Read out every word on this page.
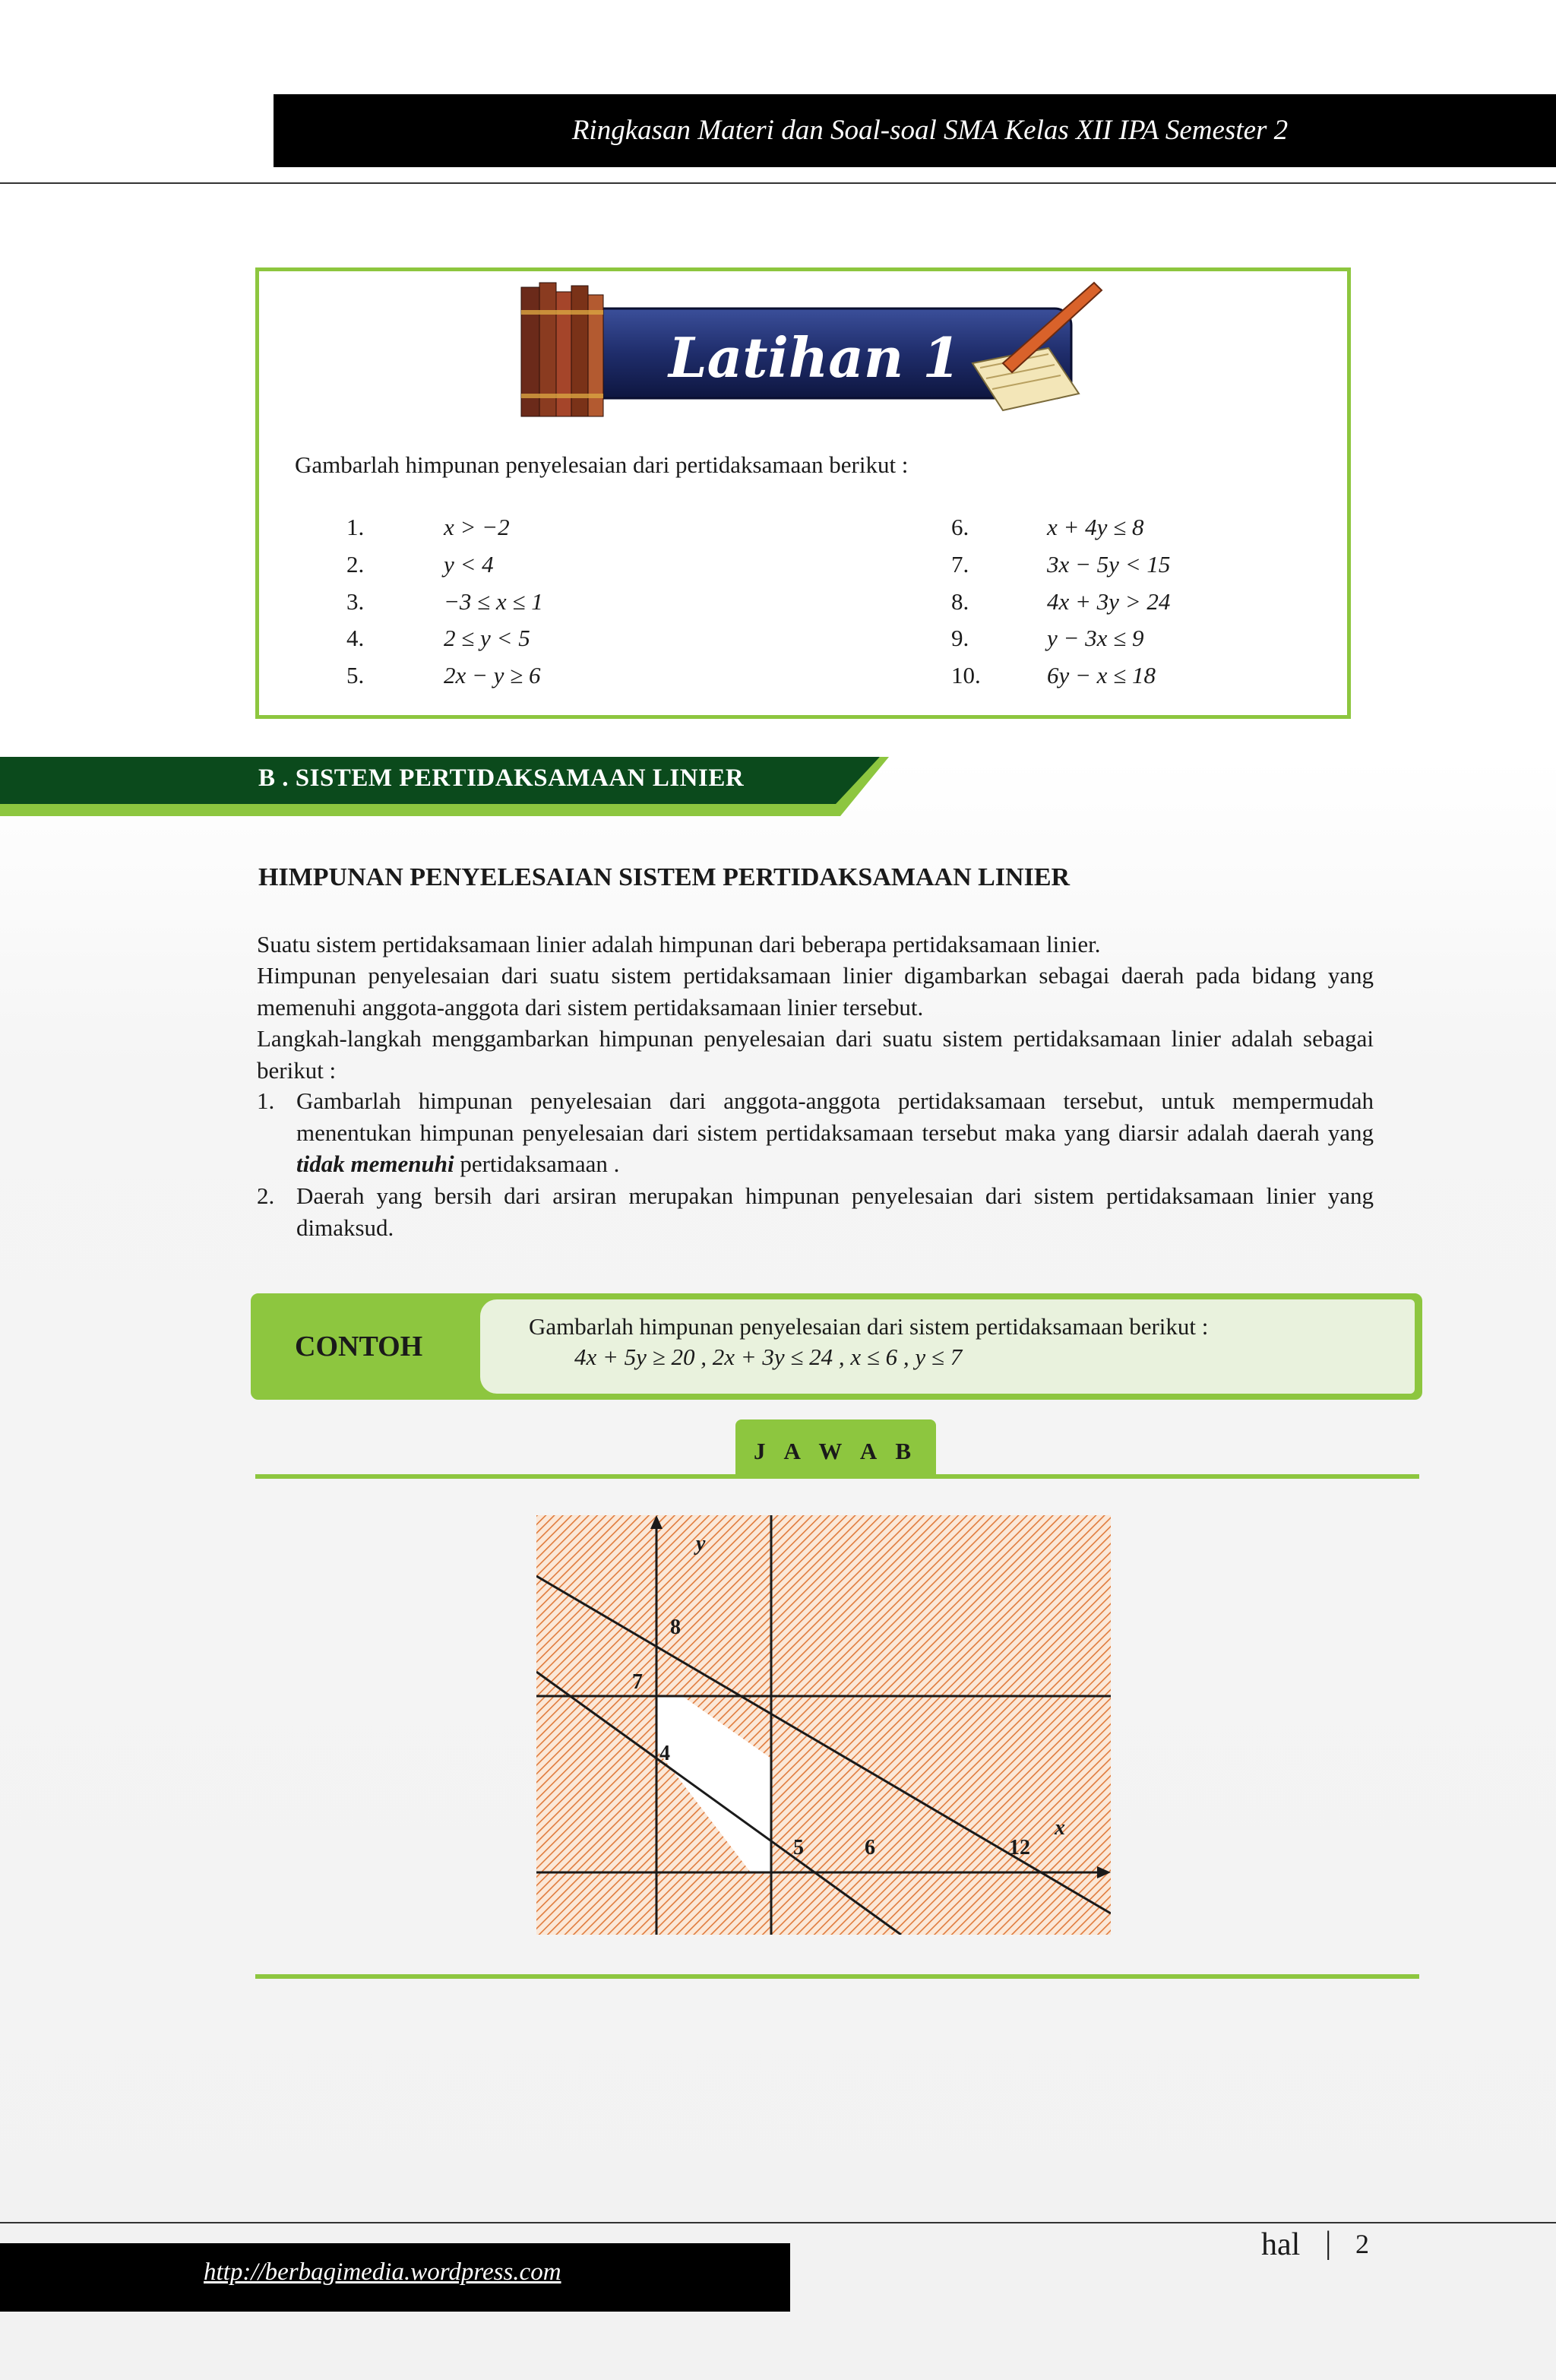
Ringkasan Materi dan Soal-soal SMA Kelas XII IPA Semester 2
Latihan 1
Gambarlah himpunan penyelesaian dari pertidaksamaan berikut :
1.	x > −2
2.	y < 4
3.	−3 ≤ x ≤ 1
4.	2 ≤ y < 5
5.	2x − y ≥ 6
6.	x + 4y ≤ 8
7.	3x − 5y < 15
8.	4x + 3y > 24
9.	y − 3x ≤ 9
10.	6y − x ≤ 18
B . SISTEM PERTIDAKSAMAAN LINIER
HIMPUNAN PENYELESAIAN SISTEM PERTIDAKSAMAAN LINIER
Suatu sistem pertidaksamaan linier adalah himpunan dari beberapa pertidaksamaan linier.
Himpunan penyelesaian dari suatu sistem pertidaksamaan linier digambarkan sebagai daerah pada bidang yang memenuhi anggota-anggota dari sistem pertidaksamaan linier tersebut.
Langkah-langkah menggambarkan himpunan penyelesaian dari suatu sistem pertidaksamaan linier adalah sebagai berikut :
1. Gambarlah himpunan penyelesaian dari anggota-anggota pertidaksamaan tersebut, untuk mempermudah menentukan himpunan penyelesaian dari sistem pertidaksamaan tersebut maka yang diarsir adalah daerah yang tidak memenuhi pertidaksamaan .
2. Daerah yang bersih dari arsiran merupakan himpunan penyelesaian dari sistem pertidaksamaan linier yang dimaksud.
CONTOH
Gambarlah himpunan penyelesaian dari sistem pertidaksamaan berikut :
4x + 5y ≥ 20 , 2x + 3y ≤ 24 , x ≤ 6 , y ≤ 7
J A W A B
y
x
8
7
4
5	6	12
http://berbagimedia.wordpress.com
hal | 2
